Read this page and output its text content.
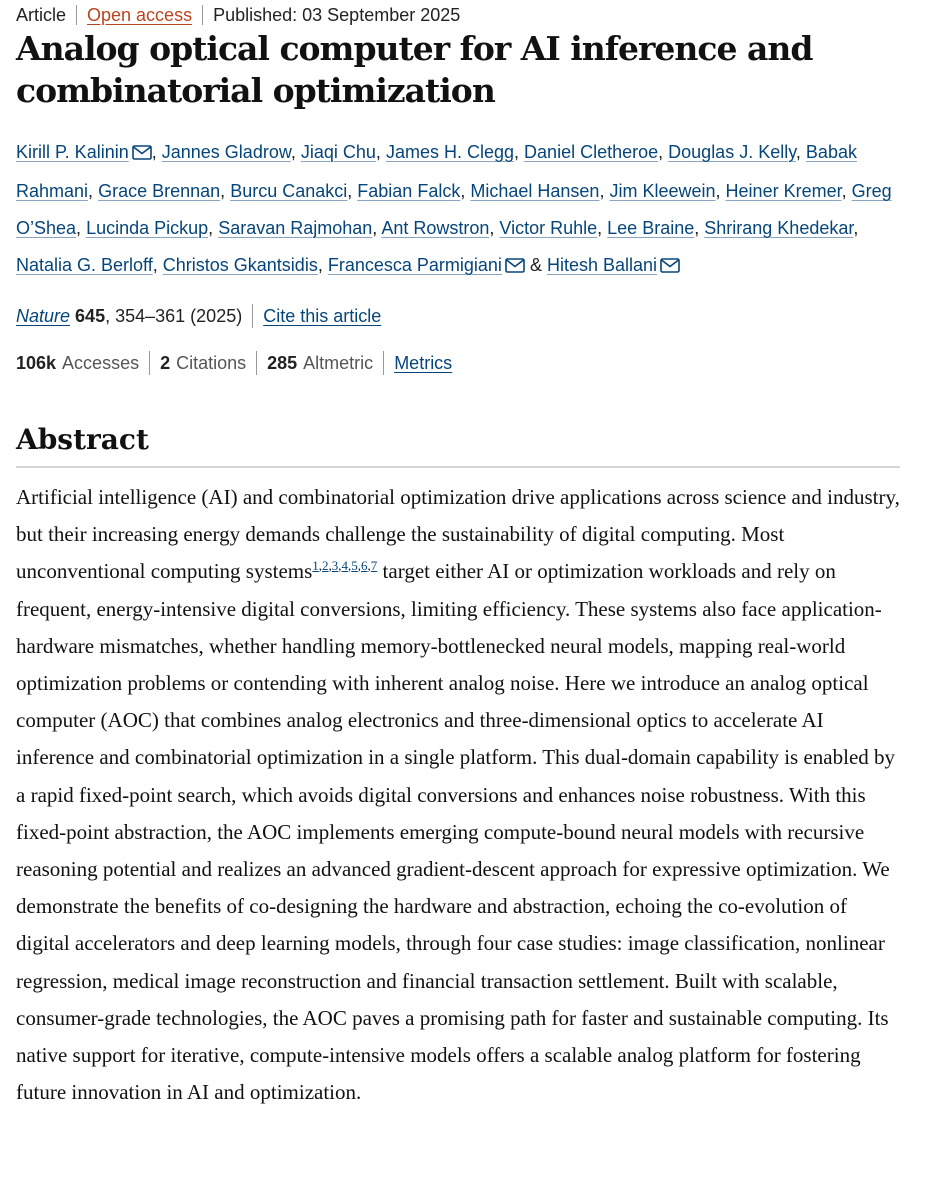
Article Open access Published: 03 September 2025
Analog optical computer for AI inference and combinatorial optimization
Kirill P. Kalinin , Jannes Gladrow, Jiaqi Chu, James H. Clegg, Daniel Cletheroe, Douglas J. Kelly, Babak Rahmani, Grace Brennan, Burcu Canakci, Fabian Falck, Michael Hansen, Jim Kleewein, Heiner Kremer, Greg O’Shea, Lucinda Pickup, Saravan Rajmohan, Ant Rowstron, Victor Ruhle, Lee Braine, Shrirang Khedekar, Natalia G. Berloff, Christos Gkantsidis, Francesca Parmigiani & Hitesh Ballani
Nature 645, 354–361 (2025) Cite this article
106k Accesses 2 Citations 285 Altmetric Metrics
Abstract

Artificial intelligence (AI) and combinatorial optimization drive applications across science and industry, but their increasing energy demands challenge the sustainability of digital computing. Most unconventional computing systems$^{1,2,3,4,5,6,7}$ target either AI or optimization workloads and rely on frequent, energy-intensive digital conversions, limiting efficiency. These systems also face application-hardware mismatches, whether handling memory-bottlenecked neural models, mapping real-world optimization problems or contending with inherent analog noise. Here we introduce an analog optical computer (AOC) that combines analog electronics and three-dimensional optics to accelerate AI inference and combinatorial optimization in a single platform. This dual-domain capability is enabled by a rapid fixed-point search, which avoids digital conversions and enhances noise robustness. With this fixed-point abstraction, the AOC implements emerging compute-bound neural models with recursive reasoning potential and realizes an advanced gradient-descent approach for expressive optimization. We demonstrate the benefits of co-designing the hardware and abstraction, echoing the co-evolution of digital accelerators and deep learning models, through four case studies: image classification, nonlinear regression, medical image reconstruction and financial transaction settlement. Built with scalable, consumer-grade technologies, the AOC paves a promising path for faster and sustainable computing. Its native support for iterative, compute-intensive models offers a scalable analog platform for fostering future innovation in AI and optimization.
